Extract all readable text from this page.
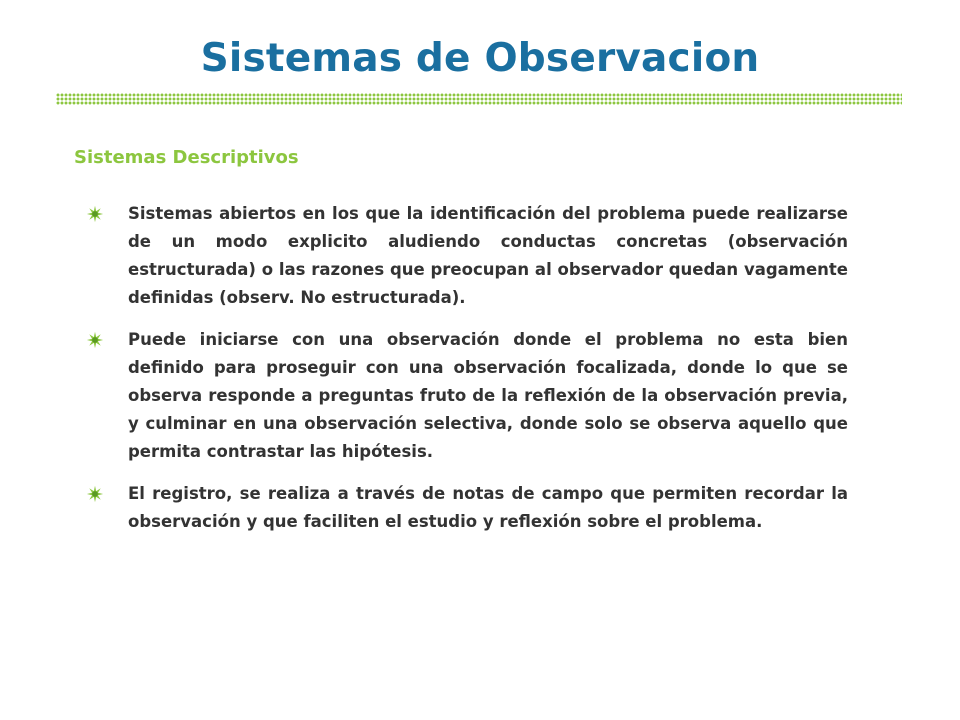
Sistemas de Observacion
Sistemas Descriptivos
Sistemas abiertos en los que la identificación del problema puede realizarse de un modo explicito aludiendo conductas concretas (observación estructurada) o las razones que preocupan al observador quedan vagamente definidas (observ. No estructurada).
Puede iniciarse con una observación donde el problema no esta bien definido para proseguir con una observación focalizada, donde lo que se observa responde a preguntas fruto de la reflexión de la observación previa, y culminar en una observación selectiva, donde solo se observa aquello que permita contrastar las hipótesis.
El registro, se realiza a través de notas de campo que permiten recordar la observación y que faciliten el estudio y reflexión sobre el problema.
